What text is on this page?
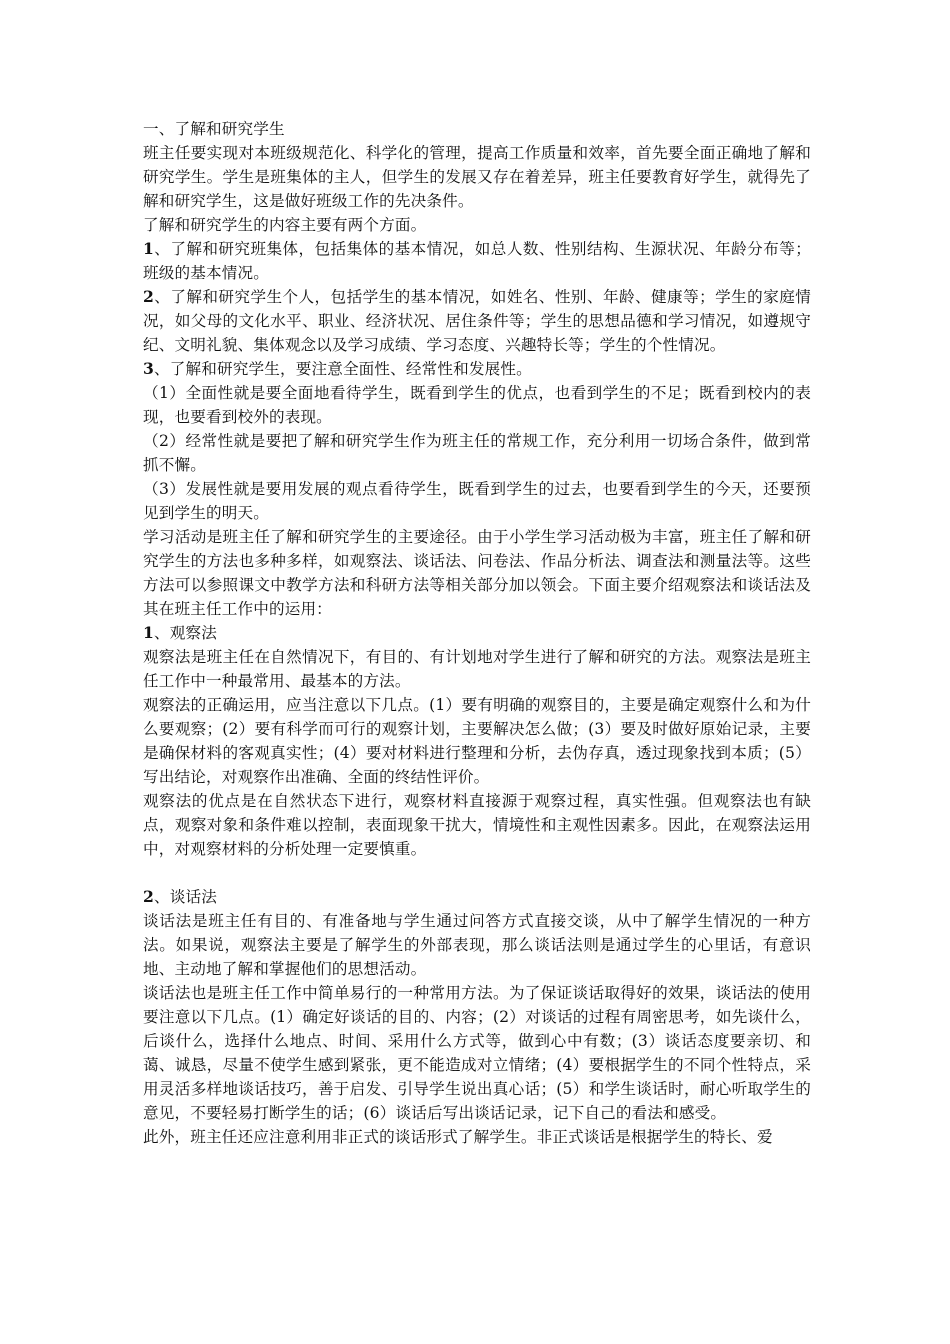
一、了解和研究学生

班主任要实现对本班级规范化、科学化的管理，提高工作质量和效率，首先要全面正确地了解和研究学生。学生是班集体的主人，但学生的发展又存在着差异，班主任要教育好学生，就得先了解和研究学生，这是做好班级工作的先决条件。

了解和研究学生的内容主要有两个方面。

1、了解和研究班集体，包括集体的基本情况，如总人数、性别结构、生源状况、年龄分布等；班级的基本情况。

2、了解和研究学生个人，包括学生的基本情况，如姓名、性别、年龄、健康等；学生的家庭情况，如父母的文化水平、职业、经济状况、居住条件等；学生的思想品德和学习情况，如遵规守纪、文明礼貌、集体观念以及学习成绩、学习态度、兴趣特长等；学生的个性情况。

3、了解和研究学生，要注意全面性、经常性和发展性。

（1）全面性就是要全面地看待学生，既看到学生的优点，也看到学生的不足；既看到校内的表现，也要看到校外的表现。

（2）经常性就是要把了解和研究学生作为班主任的常规工作，充分利用一切场合条件，做到常抓不懈。

（3）发展性就是要用发展的观点看待学生，既看到学生的过去，也要看到学生的今天，还要预见到学生的明天。

学习活动是班主任了解和研究学生的主要途径。由于小学生学习活动极为丰富，班主任了解和研究学生的方法也多种多样，如观察法、谈话法、问卷法、作品分析法、调查法和测量法等。这些方法可以参照课文中教学方法和科研方法等相关部分加以领会。下面主要介绍观察法和谈话法及其在班主任工作中的运用：

1、观察法

观察法是班主任在自然情况下，有目的、有计划地对学生进行了解和研究的方法。观察法是班主任工作中一种最常用、最基本的方法。

观察法的正确运用，应当注意以下几点。(1）要有明确的观察目的，主要是确定观察什么和为什么要观察；(2）要有科学而可行的观察计划，主要解决怎么做；(3）要及时做好原始记录，主要是确保材料的客观真实性；(4）要对材料进行整理和分析，去伪存真，透过现象找到本质；(5）写出结论，对观察作出准确、全面的终结性评价。

观察法的优点是在自然状态下进行，观察材料直接源于观察过程，真实性强。但观察法也有缺点，观察对象和条件难以控制，表面现象干扰大，情境性和主观性因素多。因此，在观察法运用中，对观察材料的分析处理一定要慎重。

2、谈话法

谈话法是班主任有目的、有准备地与学生通过问答方式直接交谈，从中了解学生情况的一种方法。如果说，观察法主要是了解学生的外部表现，那么谈话法则是通过学生的心里话，有意识地、主动地了解和掌握他们的思想活动。

谈话法也是班主任工作中简单易行的一种常用方法。为了保证谈话取得好的效果，谈话法的使用要注意以下几点。(1）确定好谈话的目的、内容；(2）对谈话的过程有周密思考，如先谈什么，后谈什么，选择什么地点、时间、采用什么方式等，做到心中有数；(3）谈话态度要亲切、和蔼、诚恳，尽量不使学生感到紧张，更不能造成对立情绪；(4）要根据学生的不同个性特点，采用灵活多样地谈话技巧，善于启发、引导学生说出真心话；(5）和学生谈话时，耐心听取学生的意见，不要轻易打断学生的话；(6）谈话后写出谈话记录，记下自己的看法和感受。

此外，班主任还应注意利用非正式的谈话形式了解学生。非正式谈话是根据学生的特长、爱
